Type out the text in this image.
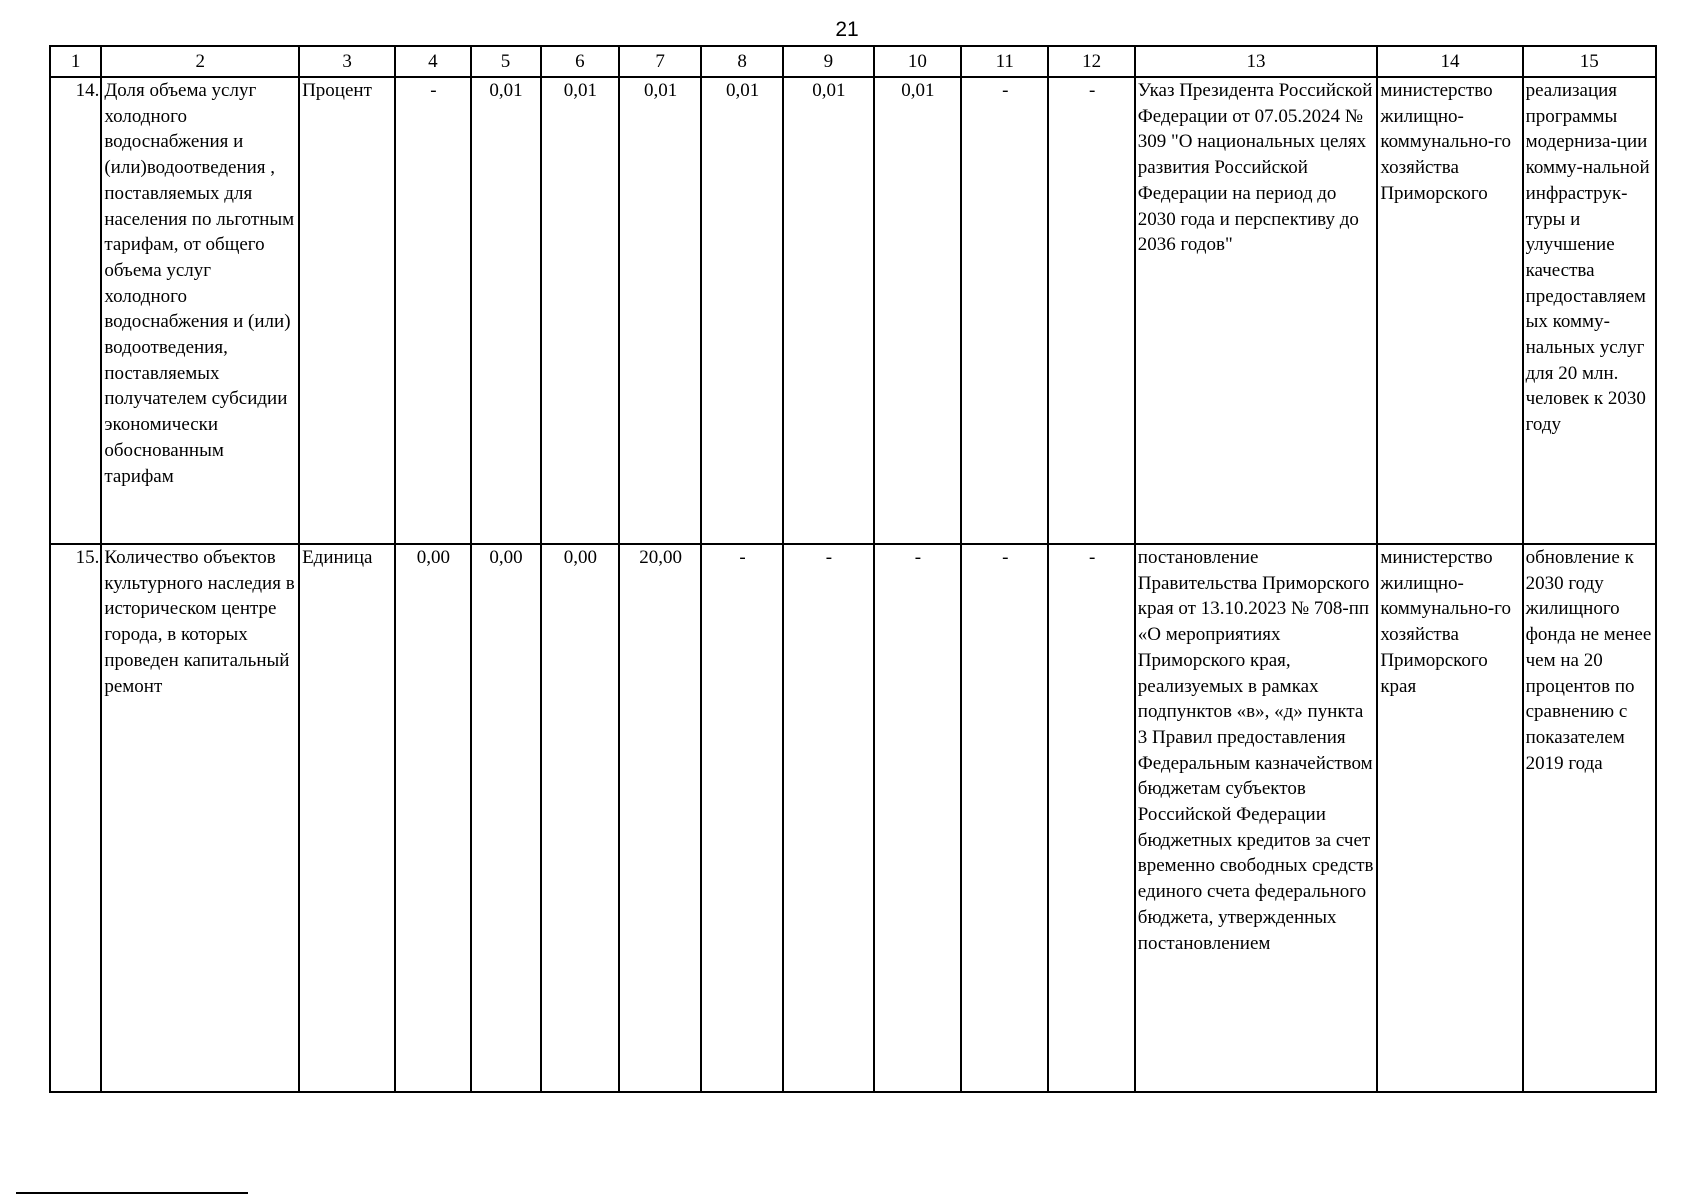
21
1	2	3	4	5	6	7	8	9	10	11	12	13	14	15
14.	Доля объема услуг холодного водоснабжения и (или)водоотведения , поставляемых для населения по льготным тарифам, от общего объема услуг холодного водоснабжения и (или) водоотведения, поставляемых получателем субсидии экономически обоснованным тарифам	Процент	-	0,01	0,01	0,01	0,01	0,01	0,01	-	-	Указ Президента Российской Федерации от 07.05.2024 № 309 "О национальных целях развития Российской Федерации на период до 2030 года и перспективу до 2036 годов"	министерство жилищно-коммунально-го хозяйства Приморского	реализация программы модерниза-ции комму-нальной инфраструк-туры и улучшение качества предоставляемых комму-нальных услуг для 20 млн. человек к 2030 году
15.	Количество объектов культурного наследия в историческом центре города, в которых проведен капитальный ремонт	Единица	0,00	0,00	0,00	20,00	-	-	-	-	-	постановление Правительства Приморского края от 13.10.2023 № 708-пп «О мероприятиях Приморского края, реализуемых в рамках подпунктов «в», «д» пункта 3 Правил предоставления Федеральным казначейством бюджетам субъектов Российской Федерации бюджетных кредитов за счет временно свободных средств единого счета федерального бюджета, утвержденных постановлением	министерство жилищно-коммунально-го хозяйства Приморского края	обновление к 2030 году жилищного фонда не менее чем на 20 процентов по сравнению с показателем 2019 года
